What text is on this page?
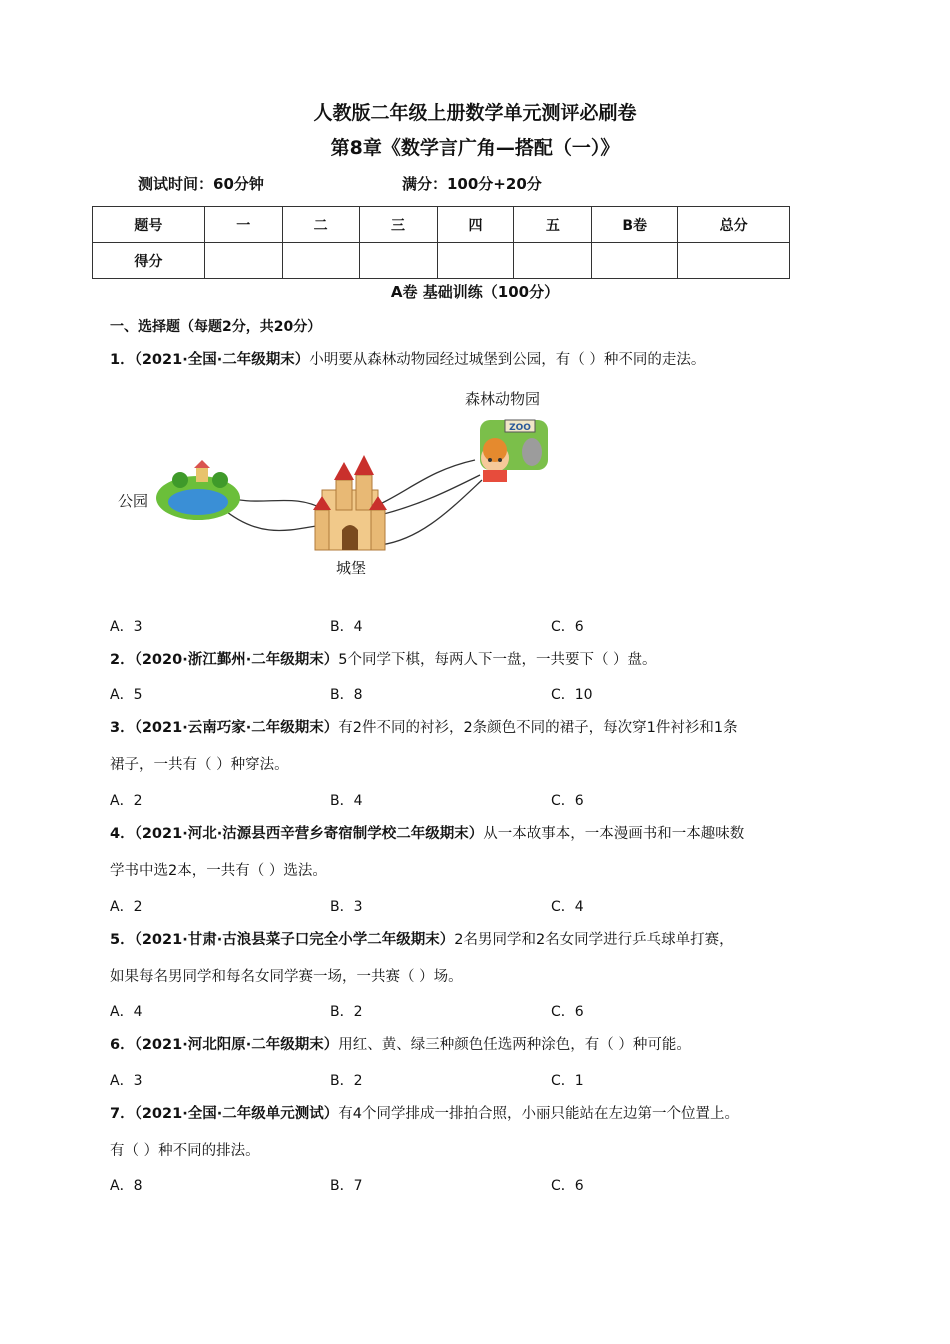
人教版二年级上册数学单元测评必刷卷
第8章《数学言广角—搭配（一）》
测试时间：60分钟	满分：100分+20分
题号	一	二	三	四	五	B卷	总分
得分							
A卷 基础训练（100分）
一、选择题（每题2分，共20分）
1．（2021·全国·二年级期末）小明要从森林动物园经过城堡到公园，有（ ）种不同的走法。
ZOO
森林动物园
公园
城堡
A．3	B．4	C．6
2．（2020·浙江鄞州·二年级期末）5个同学下棋，每两人下一盘，一共要下（ ）盘。
A．5	B．8	C．10
3．（2021·云南巧家·二年级期末）有2件不同的衬衫，2条颜色不同的裙子，每次穿1件衬衫和1条
裙子，一共有（ ）种穿法。
A．2	B．4	C．6
4．（2021·河北·沽源县西辛营乡寄宿制学校二年级期末）从一本故事本，一本漫画书和一本趣味数
学书中选2本，一共有（ ）选法。
A．2	B．3	C．4
5．（2021·甘肃·古浪县菜子口完全小学二年级期末）2名男同学和2名女同学进行乒乓球单打赛，
如果每名男同学和每名女同学赛一场，一共赛（ ）场。
A．4	B．2	C．6
6．（2021·河北阳原·二年级期末）用红、黄、绿三种颜色任选两种涂色，有（ ）种可能。
A．3	B．2	C．1
7．（2021·全国·二年级单元测试）有4个同学排成一排拍合照，小丽只能站在左边第一个位置上。
有（ ）种不同的排法。
A．8	B．7	C．6
